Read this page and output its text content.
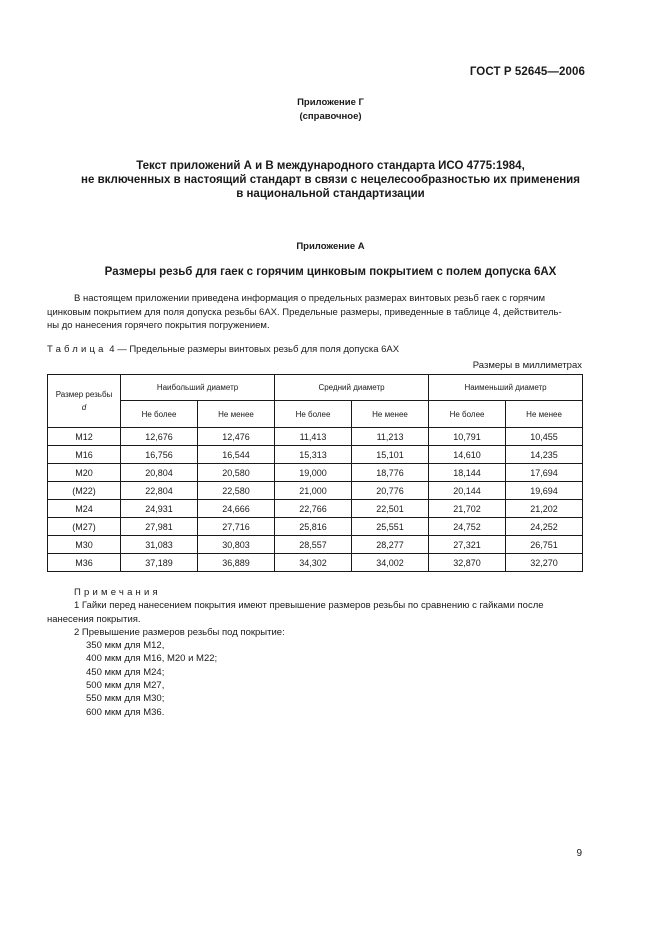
ГОСТ Р 52645—2006
Приложение Г
(справочное)
Текст приложений А и В международного стандарта ИСО 4775:1984,
не включенных в настоящий стандарт в связи с нецелесообразностью их применения
в национальной стандартизации
Приложение А
Размеры резьб для гаек с горячим цинковым покрытием с полем допуска 6АХ
В настоящем приложении приведена информация о предельных размерах винтовых резьб гаек с горячим
цинковым покрытием для поля допуска резьбы 6АХ. Предельные размеры, приведенные в таблице 4, действитель-
ны до нанесения горячего покрытия погружением.
Таблица 4 — Предельные размеры винтовых резьб для поля допуска 6АХ
Размеры в миллиметрах
Размер резьбы
d	Наибольший диаметр		Средний диаметр		Наименьший диаметр	
	Не более	Не менее	Не более	Не менее	Не более	Не менее
М12	12,676	12,476	11,413	11,213	10,791	10,455
М16	16,756	16,544	15,313	15,101	14,610	14,235
М20	20,804	20,580	19,000	18,776	18,144	17,694
(М22)	22,804	22,580	21,000	20,776	20,144	19,694
М24	24,931	24,666	22,766	22,501	21,702	21,202
(М27)	27,981	27,716	25,816	25,551	24,752	24,252
М30	31,083	30,803	28,557	28,277	27,321	26,751
М36	37,189	36,889	34,302	34,002	32,870	32,270
Примечания
1 Гайки перед нанесением покрытия имеют превышение размеров резьбы по сравнению с гайками после
нанесения покрытия.
2 Превышение размеров резьбы под покрытие:
350 мкм для М12,
400 мкм для М16, М20 и М22;
450 мкм для М24;
500 мкм для М27,
550 мкм для М30;
600 мкм для М36.
9
